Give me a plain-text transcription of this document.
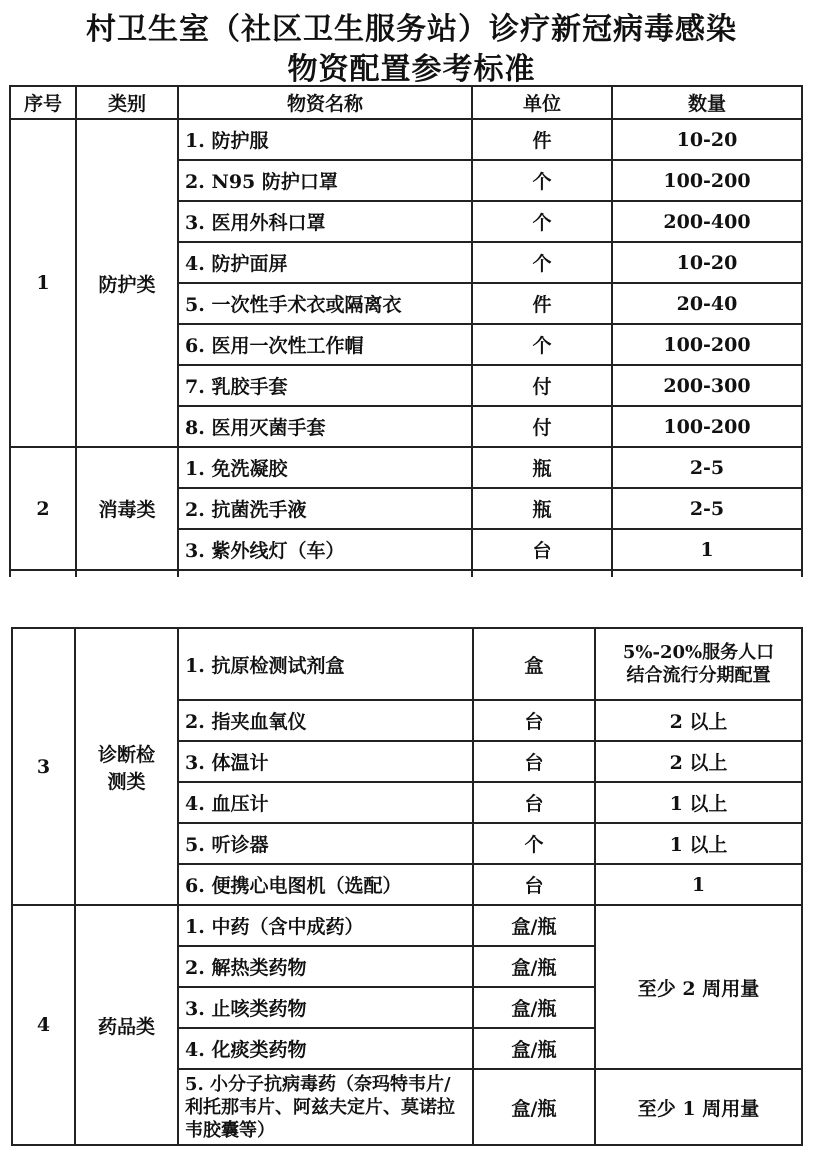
村卫生室（社区卫生服务站）诊疗新冠病毒感染
物资配置参考标准
序号	类别	物资名称	单位	数量
1	防护类	1. 防护服	件	10-20
		2. N95 防护口罩	个	100-200
		3. 医用外科口罩	个	200-400
		4. 防护面屏	个	10-20
		5. 一次性手术衣或隔离衣	件	20-40
		6. 医用一次性工作帽	个	100-200
		7. 乳胶手套	付	200-300
		8. 医用灭菌手套	付	100-200
2	消毒类	1. 免洗凝胶	瓶	2-5
		2. 抗菌洗手液	瓶	2-5
		3. 紫外线灯（车）	台	1

3	诊断检测类	1. 抗原检测试剂盒	盒	5%-20%服务人口结合流行分期配置
		2. 指夹血氧仪	台	2 以上
		3. 体温计	台	2 以上
		4. 血压计	台	1 以上
		5. 听诊器	个	1 以上
		6. 便携心电图机（选配）	台	1
4	药品类	1. 中药（含中成药）	盒/瓶	至少 2 周用量
		2. 解热类药物	盒/瓶	
		3. 止咳类药物	盒/瓶	
		4. 化痰类药物	盒/瓶	
		5. 小分子抗病毒药（奈玛特韦片/利托那韦片、阿兹夫定片、莫诺拉韦胶囊等）	盒/瓶	至少 1 周用量
